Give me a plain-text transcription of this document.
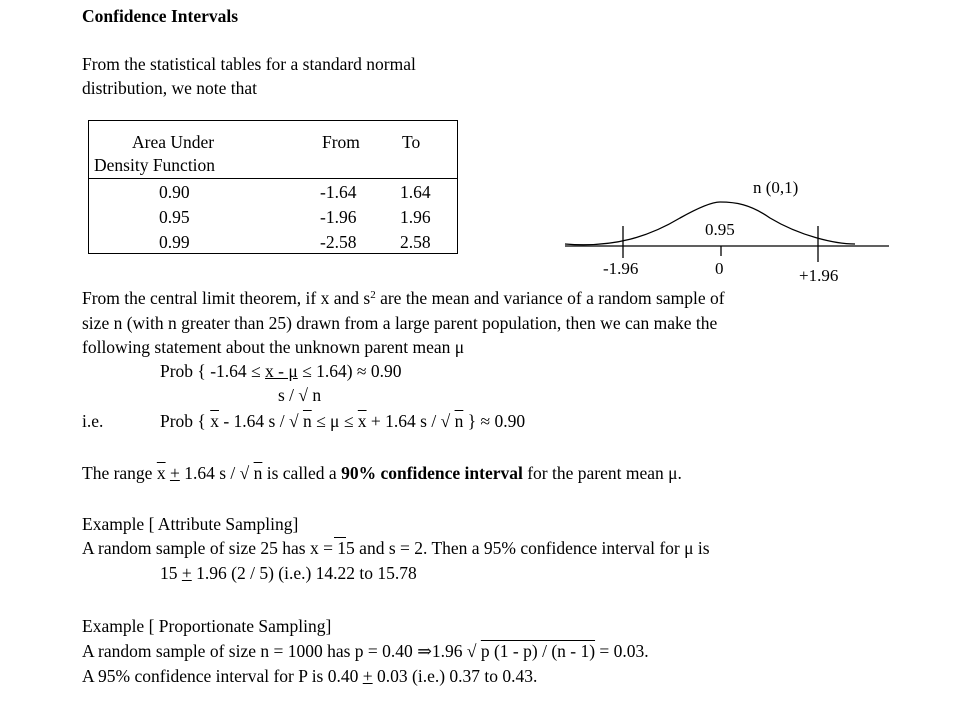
Confidence Intervals
From the statistical tables for a standard normal
distribution, we note that
Area Under
Density Function
From To
0.90	-1.64 1.64
0.95	-1.96 1.96
0.99	-2.58 2.58
n (0,1)
0.95
-1.96	0	+1.96
From the central limit theorem, if x and $s^2$ are the mean and variance of a random sample of
size n (with n greater than 25) drawn from a large parent population, then we can make the
following statement about the unknown parent mean μ
Prob { -1.64 ≤ x - μ ≤ 1.64) ≈ 0.90
s / √ n
i.e.	Prob { $\overline{x} - 1.64$ s / √ $n \le \mu \le \overline{x} + 1.64$ s / √ n } ≈ 0.90
The range $\overline{x} + 1.64$ s / √ n is called a 90% confidence interval for the parent mean μ.
Example [ Attribute Sampling]
A random sample of size 25 has x = 15 and s = 2. Then a 95% confidence interval for μ is
15 + 1.96 (2 / 5) (i.e.) 14.22 to 15.78
Example [ Proportionate Sampling]
A random sample of size n = 1000 has p = 0.40 ⇒1.96 √ p (1 - p) / (n - 1) = 0.03.
A 95% confidence interval for P is 0.40 + 0.03 (i.e.) 0.37 to 0.43.
